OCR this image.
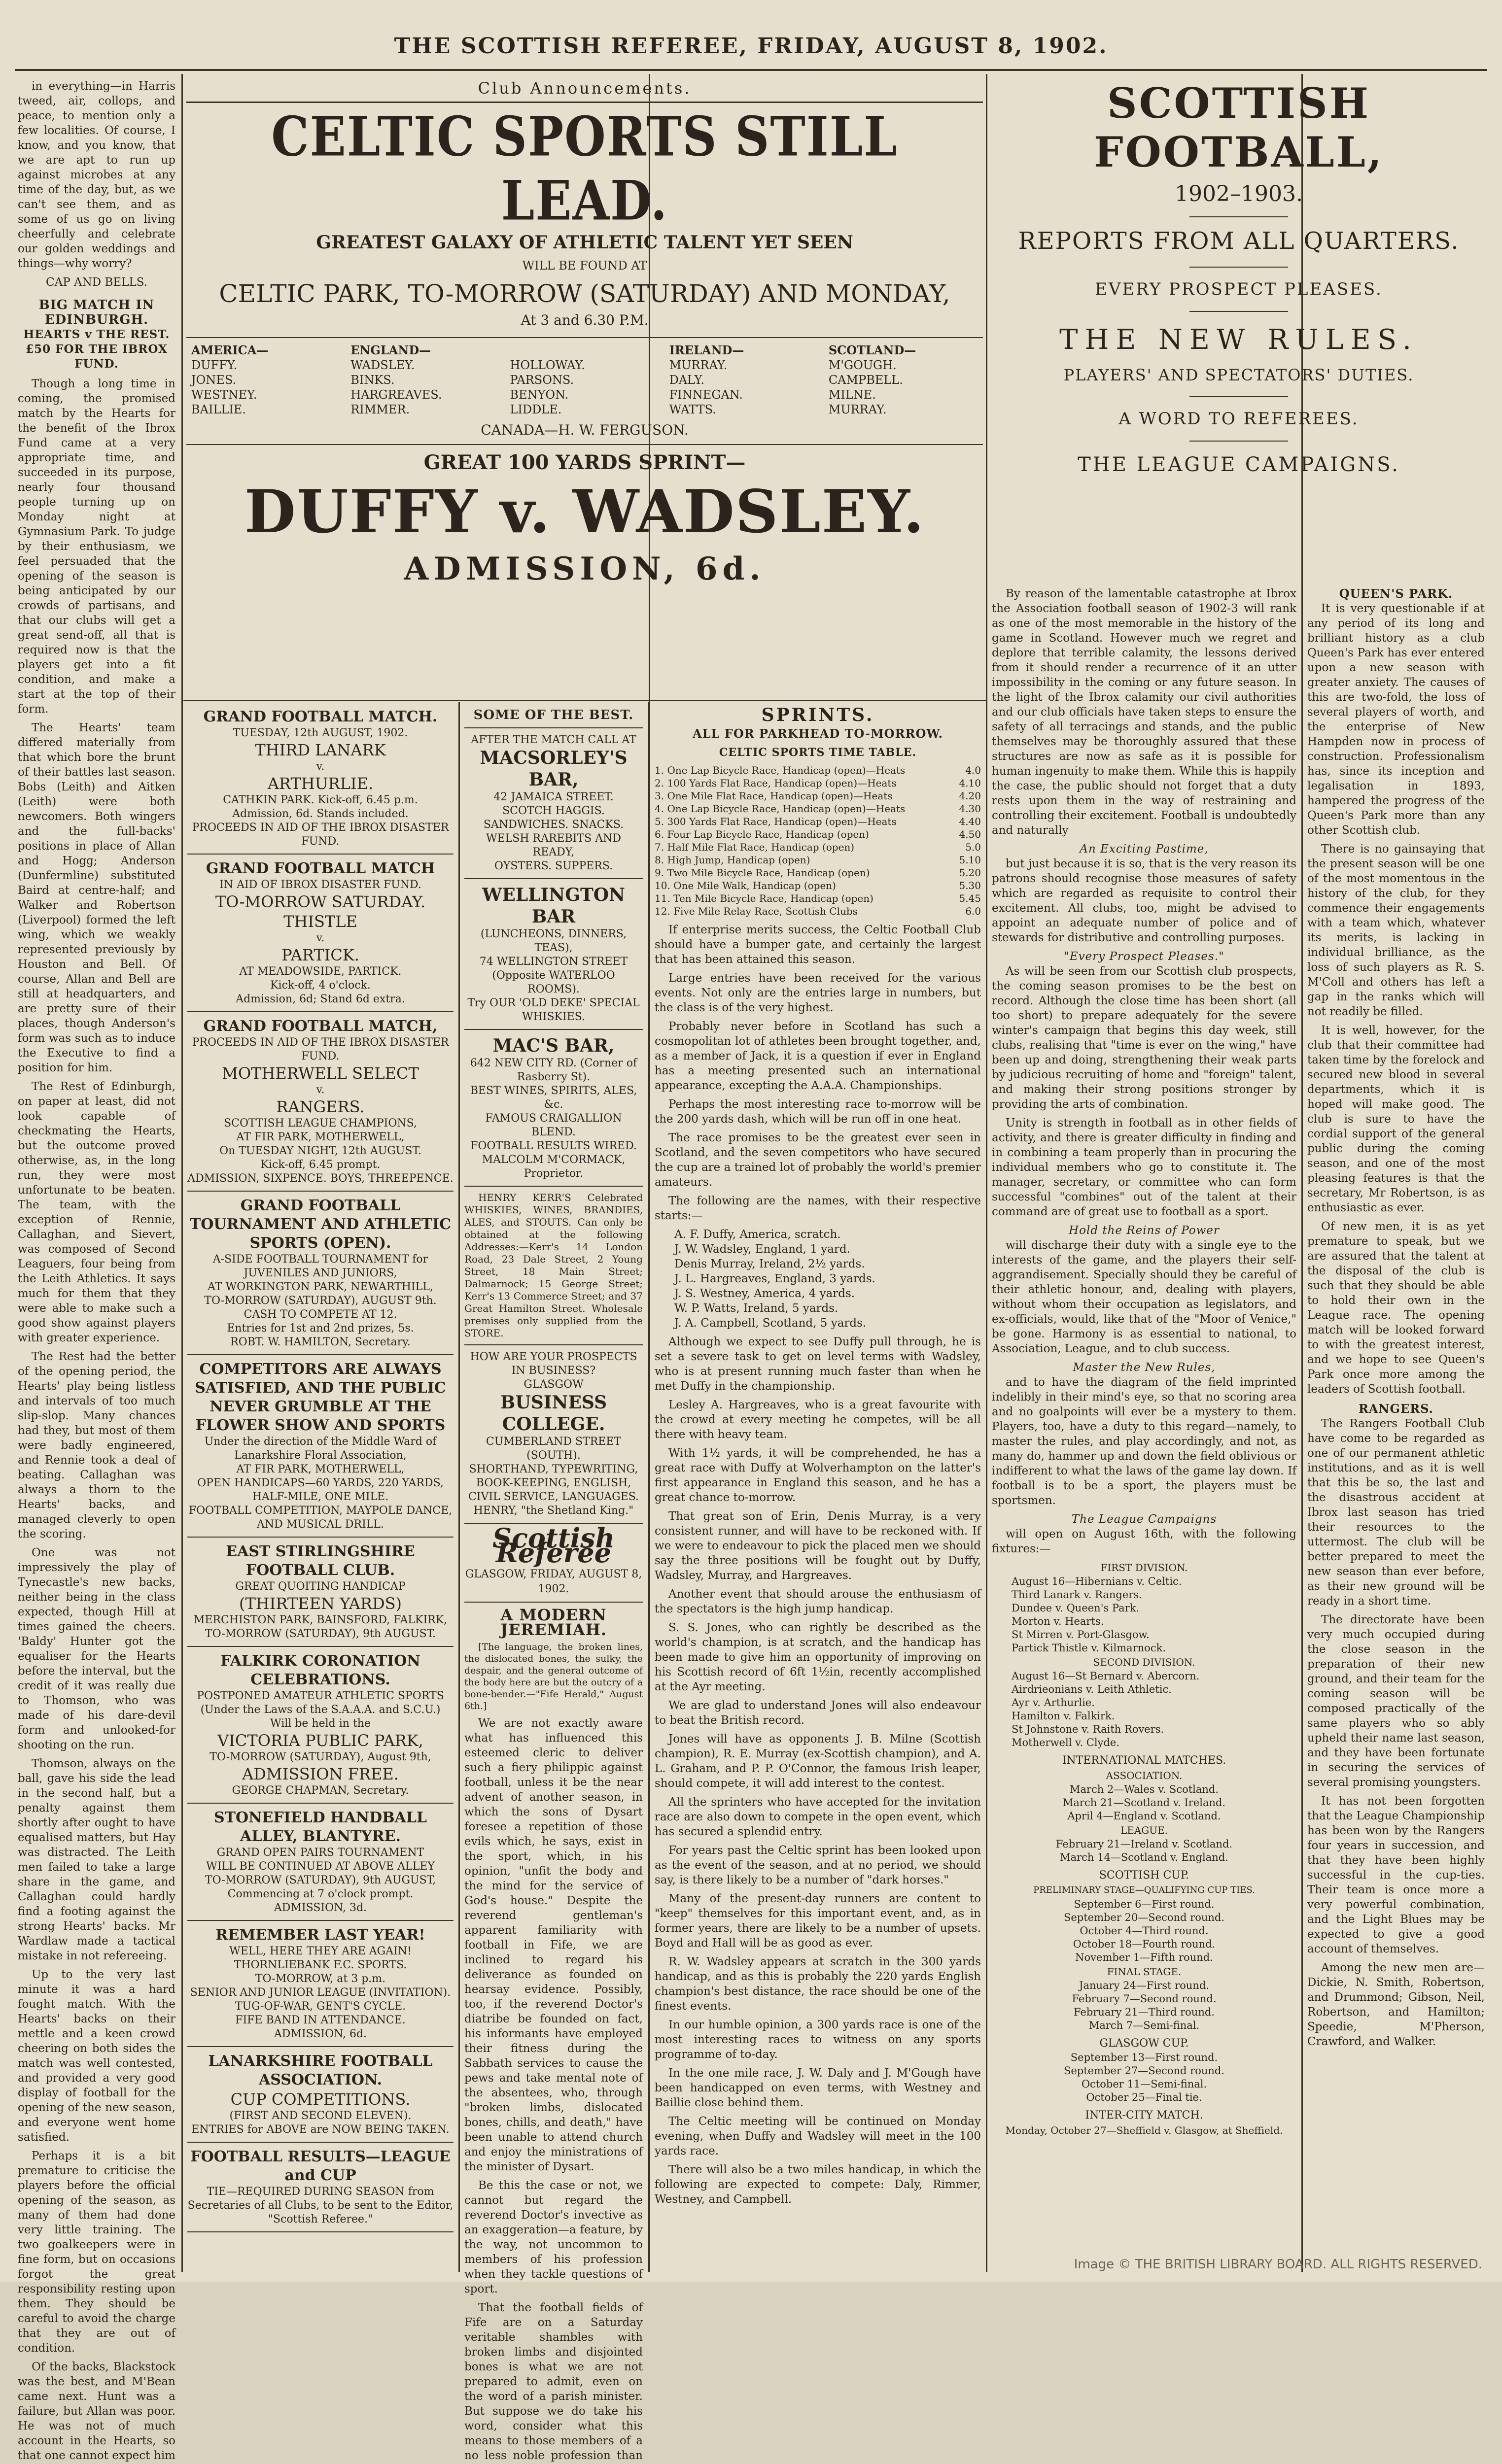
THE SCOTTISH REFEREE, FRIDAY, AUGUST 8, 1902.

in everything—in Harris tweed, air, collops, and peace, to mention only a few localities. Of course, I know, and you know, that we are apt to run up against microbes at any time of the day, but, as we can't see them, and as some of us go on living cheerfully and celebrate our golden weddings and things—why worry?

CAP AND BELLS.
BIG MATCH IN EDINBURGH.
HEARTS v THE REST.
£50 FOR THE IBROX FUND.

Though a long time in coming, the promised match by the Hearts for the benefit of the Ibrox Fund came at a very appropriate time, and succeeded in its purpose, nearly four thousand people turning up on Monday night at Gymnasium Park. To judge by their enthusiasm, we feel persuaded that the opening of the season is being anticipated by our crowds of partisans, and that our clubs will get a great send-off, all that is required now is that the players get into a fit condition, and make a start at the top of their form.

The Hearts' team differed materially from that which bore the brunt of their battles last season. Bobs (Leith) and Aitken (Leith) were both newcomers. Both wingers and the full-backs' positions in place of Allan and Hogg; Anderson (Dunfermline) substituted Baird at centre-half; and Walker and Robertson (Liverpool) formed the left wing, which we weakly represented previously by Houston and Bell. Of course, Allan and Bell are still at headquarters, and are pretty sure of their places, though Anderson's form was such as to induce the Executive to find a position for him.

The Rest of Edinburgh, on paper at least, did not look capable of checkmating the Hearts, but the outcome proved otherwise, as, in the long run, they were most unfortunate to be beaten. The team, with the exception of Rennie, Callaghan, and Sievert, was composed of Second Leaguers, four being from the Leith Athletics. It says much for them that they were able to make such a good show against players with greater experience.

The Rest had the better of the opening period, the Hearts' play being listless and intervals of too much slip-slop. Many chances had they, but most of them were badly engineered, and Rennie took a deal of beating. Callaghan was always a thorn to the Hearts' backs, and managed cleverly to open the scoring.

One was not impressively the play of Tynecastle's new backs, neither being in the class expected, though Hill at times gained the cheers. 'Baldy' Hunter got the equaliser for the Hearts before the interval, but the credit of it was really due to Thomson, who was made of his dare-devil form and unlooked-for shooting on the run.

Thomson, always on the ball, gave his side the lead in the second half, but a penalty against them shortly after ought to have equalised matters, but Hay was distracted. The Leith men failed to take a large share in the game, and Callaghan could hardly find a footing against the strong Hearts' backs. Mr Wardlaw made a tactical mistake in not refereeing.

Up to the very last minute it was a hard fought match. With the Hearts' backs on their mettle and a keen crowd cheering on both sides the match was well contested, and provided a very good display of football for the opening of the new season, and everyone went home satisfied.

Perhaps it is a bit premature to criticise the players before the official opening of the season, as many of them had done very little training. The two goalkeepers were in fine form, but on occasions forgot the great responsibility resting upon them. They should be careful to avoid the charge that they are out of condition.

Of the backs, Blackstock was the best, and M'Bean came next. Hunt was a failure, but Allan was poor. He was not of much account in the Hearts, so that one cannot expect him

Club Announcements.
CELTIC SPORTS STILL LEAD.
GREATEST GALAXY OF ATHLETIC TALENT YET SEEN
WILL BE FOUND AT
CELTIC PARK, TO-MORROW (SATURDAY) AND MONDAY,
At 3 and 6.30 P.M.
AMERICA—
DUFFY.
JONES.
WESTNEY.
BAILLIE.
ENGLAND—
WADSLEY.
BINKS.
HARGREAVES.
RIMMER.

HOLLOWAY.
PARSONS.
BENYON.
LIDDLE.
IRELAND—
MURRAY.
DALY.
FINNEGAN.
WATTS.
SCOTLAND—
M'GOUGH.
CAMPBELL.
MILNE.
MURRAY.
CANADA—H. W. FERGUSON.
GREAT 100 YARDS SPRINT—
DUFFY v. WADSLEY.
ADMISSION, 6d.
GRAND FOOTBALL MATCH.
TUESDAY, 12th AUGUST, 1902.
THIRD LANARK
v.
ARTHURLIE.
CATHKIN PARK. Kick-off, 6.45 p.m.
Admission, 6d. Stands included.
PROCEEDS IN AID OF THE IBROX DISASTER FUND.
GRAND FOOTBALL MATCH
IN AID OF IBROX DISASTER FUND.
TO-MORROW SATURDAY.
THISTLE
v.
PARTICK.
AT MEADOWSIDE, PARTICK.
Kick-off, 4 o'clock.
Admission, 6d; Stand 6d extra.
GRAND FOOTBALL MATCH,
PROCEEDS IN AID OF THE IBROX DISASTER FUND.
MOTHERWELL SELECT
v.
RANGERS.
SCOTTISH LEAGUE CHAMPIONS,
AT FIR PARK, MOTHERWELL,
On TUESDAY NIGHT, 12th AUGUST.
Kick-off, 6.45 prompt.
ADMISSION, SIXPENCE. BOYS, THREEPENCE.
GRAND FOOTBALL TOURNAMENT AND ATHLETIC SPORTS (OPEN).
A-SIDE FOOTBALL TOURNAMENT for JUVENILES AND JUNIORS,
AT WORKINGTON PARK, NEWARTHILL,
TO-MORROW (SATURDAY), AUGUST 9th.
CASH TO COMPETE AT 12.
Entries for 1st and 2nd prizes, 5s.
ROBT. W. HAMILTON, Secretary.
COMPETITORS ARE ALWAYS SATISFIED, AND THE PUBLIC NEVER GRUMBLE AT THE FLOWER SHOW AND SPORTS
Under the direction of the Middle Ward of Lanarkshire Floral Association,
AT FIR PARK, MOTHERWELL,
OPEN HANDICAPS—60 YARDS, 220 YARDS, HALF-MILE, ONE MILE.
FOOTBALL COMPETITION, MAYPOLE DANCE, AND MUSICAL DRILL.
EAST STIRLINGSHIRE FOOTBALL CLUB.
GREAT QUOITING HANDICAP
(THIRTEEN YARDS)
MERCHISTON PARK, BAINSFORD, FALKIRK,
TO-MORROW (SATURDAY), 9th AUGUST.
FALKIRK CORONATION CELEBRATIONS.
POSTPONED AMATEUR ATHLETIC SPORTS
(Under the Laws of the S.A.A.A. and S.C.U.)
Will be held in the
VICTORIA PUBLIC PARK,
TO-MORROW (SATURDAY), August 9th,
ADMISSION FREE.
GEORGE CHAPMAN, Secretary.
STONEFIELD HANDBALL ALLEY, BLANTYRE.
GRAND OPEN PAIRS TOURNAMENT
WILL BE CONTINUED AT ABOVE ALLEY
TO-MORROW (SATURDAY), 9th AUGUST,
Commencing at 7 o'clock prompt.
ADMISSION, 3d.
REMEMBER LAST YEAR!
WELL, HERE THEY ARE AGAIN!
THORNLIEBANK F.C. SPORTS.
TO-MORROW, at 3 p.m.
SENIOR AND JUNIOR LEAGUE (INVITATION).
TUG-OF-WAR, GENT'S CYCLE.
FIFE BAND IN ATTENDANCE.
ADMISSION, 6d.
LANARKSHIRE FOOTBALL ASSOCIATION.
CUP COMPETITIONS.
(FIRST AND SECOND ELEVEN).
ENTRIES for ABOVE are NOW BEING TAKEN.
FOOTBALL RESULTS—LEAGUE and CUP
TIE—REQUIRED DURING SEASON from Secretaries of all Clubs, to be sent to the Editor, "Scottish Referee."
SOME OF THE BEST.
AFTER THE MATCH CALL AT
MACSORLEY'S BAR,
42 JAMAICA STREET.
SCOTCH HAGGIS.
SANDWICHES. SNACKS.
WELSH RAREBITS AND READY,
OYSTERS. SUPPERS.
WELLINGTON BAR
(LUNCHEONS, DINNERS, TEAS),
74 WELLINGTON STREET
(Opposite WATERLOO ROOMS).
Try OUR 'OLD DEKE' SPECIAL WHISKIES.
MAC'S BAR,
642 NEW CITY RD. (Corner of Rasberry St).
BEST WINES, SPIRITS, ALES, &c.
FAMOUS CRAIGALLION BLEND.
FOOTBALL RESULTS WIRED.
MALCOLM M'CORMACK, Proprietor.

HENRY KERR'S Celebrated WHISKIES, WINES, BRANDIES, ALES, and STOUTS. Can only be obtained at the following Addresses:—Kerr's 14 London Road, 23 Dale Street, 2 Young Street, 18 Main Street; Dalmarnock; 15 George Street; Kerr's 13 Commerce Street; and 37 Great Hamilton Street. Wholesale premises only supplied from the STORE.

HOW ARE YOUR PROSPECTS IN BUSINESS?
GLASGOW
BUSINESS COLLEGE.
CUMBERLAND STREET (SOUTH).
SHORTHAND, TYPEWRITING, BOOK-KEEPING, ENGLISH, CIVIL SERVICE, LANGUAGES.
HENRY, "the Shetland King."
Scottish Referee
GLASGOW, FRIDAY, AUGUST 8, 1902.
A MODERN JEREMIAH.

[The language, the broken lines, the dislocated bones, the sulky, the despair, and the general outcome of the body here are but the outcry of a bone-bender.—"Fife Herald," August 6th.]

We are not exactly aware what has influenced this esteemed cleric to deliver such a fiery philippic against football, unless it be the near advent of another season, in which the sons of Dysart foresee a repetition of those evils which, he says, exist in the sport, which, in his opinion, "unfit the body and the mind for the service of God's house." Despite the reverend gentleman's apparent familiarity with football in Fife, we are inclined to regard his deliverance as founded on hearsay evidence. Possibly, too, if the reverend Doctor's diatribe be founded on fact, his informants have employed their fitness during the Sabbath services to cause the pews and take mental note of the absentees, who, through "broken limbs, dislocated bones, chills, and death," have been unable to attend church and enjoy the ministrations of the minister of Dysart.

Be this the case or not, we cannot but regard the reverend Doctor's invective as an exaggeration—a feature, by the way, not uncommon to members of his profession when they tackle questions of sport.

That the football fields of Fife are on a Saturday veritable shambles with broken limbs and disjointed bones is what we are not prepared to admit, even on the word of a parish minister. But suppose we do take his word, consider what this means to those members of a no less noble profession than

SPRINTS.
ALL FOR PARKHEAD TO-MORROW.
CELTIC SPORTS TIME TABLE.
1. One Lap Bicycle Race, Handicap (open)—Heats	4.0
2. 100 Yards Flat Race, Handicap (open)—Heats	4.10
3. One Mile Flat Race, Handicap (open)—Heats	4.20
4. One Lap Bicycle Race, Handicap (open)—Heats	4.30
5. 300 Yards Flat Race, Handicap (open)—Heats	4.40
6. Four Lap Bicycle Race, Handicap (open)	4.50
7. Half Mile Flat Race, Handicap (open)	5.0
8. High Jump, Handicap (open)	5.10
9. Two Mile Bicycle Race, Handicap (open)	5.20
10. One Mile Walk, Handicap (open)	5.30
11. Ten Mile Bicycle Race, Handicap (open)	5.45
12. Five Mile Relay Race, Scottish Clubs	6.0

If enterprise merits success, the Celtic Football Club should have a bumper gate, and certainly the largest that has been attained this season.

Large entries have been received for the various events. Not only are the entries large in numbers, but the class is of the very highest.

Probably never before in Scotland has such a cosmopolitan lot of athletes been brought together, and, as a member of Jack, it is a question if ever in England has a meeting presented such an international appearance, excepting the A.A.A. Championships.

Perhaps the most interesting race to-morrow will be the 200 yards dash, which will be run off in one heat.

The race promises to be the greatest ever seen in Scotland, and the seven competitors who have secured the cup are a trained lot of probably the world's premier amateurs.

The following are the names, with their respective starts:—

A. F. Duffy, America, scratch.
J. W. Wadsley, England, 1 yard.
Denis Murray, Ireland, 2½ yards.
J. L. Hargreaves, England, 3 yards.
J. S. Westney, America, 4 yards.
W. P. Watts, Ireland, 5 yards.
J. A. Campbell, Scotland, 5 yards.

Although we expect to see Duffy pull through, he is set a severe task to get on level terms with Wadsley, who is at present running much faster than when he met Duffy in the championship.

Lesley A. Hargreaves, who is a great favourite with the crowd at every meeting he competes, will be all there with heavy team.

With 1½ yards, it will be comprehended, he has a great race with Duffy at Wolverhampton on the latter's first appearance in England this season, and he has a great chance to-morrow.

That great son of Erin, Denis Murray, is a very consistent runner, and will have to be reckoned with. If we were to endeavour to pick the placed men we should say the three positions will be fought out by Duffy, Wadsley, Murray, and Hargreaves.

Another event that should arouse the enthusiasm of the spectators is the high jump handicap.

S. S. Jones, who can rightly be described as the world's champion, is at scratch, and the handicap has been made to give him an opportunity of improving on his Scottish record of 6ft 1½in, recently accomplished at the Ayr meeting.

We are glad to understand Jones will also endeavour to beat the British record.

Jones will have as opponents J. B. Milne (Scottish champion), R. E. Murray (ex-Scottish champion), and A. L. Graham, and P. P. O'Connor, the famous Irish leaper, should compete, it will add interest to the contest.

All the sprinters who have accepted for the invitation race are also down to compete in the open event, which has secured a splendid entry.

For years past the Celtic sprint has been looked upon as the event of the season, and at no period, we should say, is there likely to be a number of "dark horses."

Many of the present-day runners are content to "keep" themselves for this important event, and, as in former years, there are likely to be a number of upsets. Boyd and Hall will be as good as ever.

R. W. Wadsley appears at scratch in the 300 yards handicap, and as this is probably the 220 yards English champion's best distance, the race should be one of the finest events.

In our humble opinion, a 300 yards race is one of the most interesting races to witness on any sports programme of to-day.

In the one mile race, J. W. Daly and J. M'Gough have been handicapped on even terms, with Westney and Baillie close behind them.

The Celtic meeting will be continued on Monday evening, when Duffy and Wadsley will meet in the 100 yards race.

There will also be a two miles handicap, in which the following are expected to compete: Daly, Rimmer, Westney, and Campbell.

SCOTTISH FOOTBALL,
1902–1903.
REPORTS FROM ALL QUARTERS.
EVERY PROSPECT PLEASES.
THE NEW RULES.
PLAYERS' AND SPECTATORS' DUTIES.
A WORD TO REFEREES.
THE LEAGUE CAMPAIGNS.

By reason of the lamentable catastrophe at Ibrox the Association football season of 1902-3 will rank as one of the most memorable in the history of the game in Scotland. However much we regret and deplore that terrible calamity, the lessons derived from it should render a recurrence of it an utter impossibility in the coming or any future season. In the light of the Ibrox calamity our civil authorities and our club officials have taken steps to ensure the safety of all terracings and stands, and the public themselves may be thoroughly assured that these structures are now as safe as it is possible for human ingenuity to make them. While this is happily the case, the public should not forget that a duty rests upon them in the way of restraining and controlling their excitement. Football is undoubtedly and naturally

An Exciting Pastime,

but just because it is so, that is the very reason its patrons should recognise those measures of safety which are regarded as requisite to control their excitement. All clubs, too, might be advised to appoint an adequate number of police and of stewards for distributive and controlling purposes.

"Every Prospect Pleases."

As will be seen from our Scottish club prospects, the coming season promises to be the best on record. Although the close time has been short (all too short) to prepare adequately for the severe winter's campaign that begins this day week, still clubs, realising that "time is ever on the wing," have been up and doing, strengthening their weak parts by judicious recruiting of home and "foreign" talent, and making their strong positions stronger by providing the arts of combination.

Unity is strength in football as in other fields of activity, and there is greater difficulty in finding and in combining a team properly than in procuring the individual members who go to constitute it. The manager, secretary, or committee who can form successful "combines" out of the talent at their command are of great use to football as a sport.

Hold the Reins of Power

will discharge their duty with a single eye to the interests of the game, and the players their self-aggrandisement. Specially should they be careful of their athletic honour, and, dealing with players, without whom their occupation as legislators, and ex-officials, would, like that of the "Moor of Venice," be gone. Harmony is as essential to national, to Association, League, and to club success.

Master the New Rules,

and to have the diagram of the field imprinted indelibly in their mind's eye, so that no scoring area and no goalpoints will ever be a mystery to them. Players, too, have a duty to this regard—namely, to master the rules, and play accordingly, and not, as many do, hammer up and down the field oblivious or indifferent to what the laws of the game lay down. If football is to be a sport, the players must be sportsmen.

The League Campaigns

will open on August 16th, with the following fixtures:—

FIRST DIVISION.
August 16—Hibernians v. Celtic.
Third Lanark v. Rangers.
Dundee v. Queen's Park.
Morton v. Hearts.
St Mirren v. Port-Glasgow.
Partick Thistle v. Kilmarnock.
SECOND DIVISION.
August 16—St Bernard v. Abercorn.
Airdrieonians v. Leith Athletic.
Ayr v. Arthurlie.
Hamilton v. Falkirk.
St Johnstone v. Raith Rovers.
Motherwell v. Clyde.
INTERNATIONAL MATCHES.
ASSOCIATION.
March 2—Wales v. Scotland.
March 21—Scotland v. Ireland.
April 4—England v. Scotland.
LEAGUE.
February 21—Ireland v. Scotland.
March 14—Scotland v. England.
SCOTTISH CUP.
PRELIMINARY STAGE—QUALIFYING CUP TIES.
September 6—First round.
September 20—Second round.
October 4—Third round.
October 18—Fourth round.
November 1—Fifth round.
FINAL STAGE.
January 24—First round.
February 7—Second round.
February 21—Third round.
March 7—Semi-final.
GLASGOW CUP.
September 13—First round.
September 27—Second round.
October 11—Semi-final.
October 25—Final tie.
INTER-CITY MATCH.
Monday, October 27—Sheffield v. Glasgow, at Sheffield.
QUEEN'S PARK.

It is very questionable if at any period of its long and brilliant history as a club Queen's Park has ever entered upon a new season with greater anxiety. The causes of this are two-fold, the loss of several players of worth, and the enterprise of New Hampden now in process of construction. Professionalism has, since its inception and legalisation in 1893, hampered the progress of the Queen's Park more than any other Scottish club.

There is no gainsaying that the present season will be one of the most momentous in the history of the club, for they commence their engagements with a team which, whatever its merits, is lacking in individual brilliance, as the loss of such players as R. S. M'Coll and others has left a gap in the ranks which will not readily be filled.

It is well, however, for the club that their committee had taken time by the forelock and secured new blood in several departments, which it is hoped will make good. The club is sure to have the cordial support of the general public during the coming season, and one of the most pleasing features is that the secretary, Mr Robertson, is as enthusiastic as ever.

Of new men, it is as yet premature to speak, but we are assured that the talent at the disposal of the club is such that they should be able to hold their own in the League race. The opening match will be looked forward to with the greatest interest, and we hope to see Queen's Park once more among the leaders of Scottish football.

RANGERS.

The Rangers Football Club have come to be regarded as one of our permanent athletic institutions, and as it is well that this be so, the last and the disastrous accident at Ibrox last season has tried their resources to the uttermost. The club will be better prepared to meet the new season than ever before, as their new ground will be ready in a short time.

The directorate have been very much occupied during the close season in the preparation of their new ground, and their team for the coming season will be composed practically of the same players who so ably upheld their name last season, and they have been fortunate in securing the services of several promising youngsters.

It has not been forgotten that the League Championship has been won by the Rangers four years in succession, and that they have been highly successful in the cup-ties. Their team is once more a very powerful combination, and the Light Blues may be expected to give a good account of themselves.

Among the new men are—Dickie, N. Smith, Robertson, and Drummond; Gibson, Neil, Robertson, and Hamilton; Speedie, M'Pherson, Crawford, and Walker.

Image © THE BRITISH LIBRARY BOARD. ALL RIGHTS RESERVED.
